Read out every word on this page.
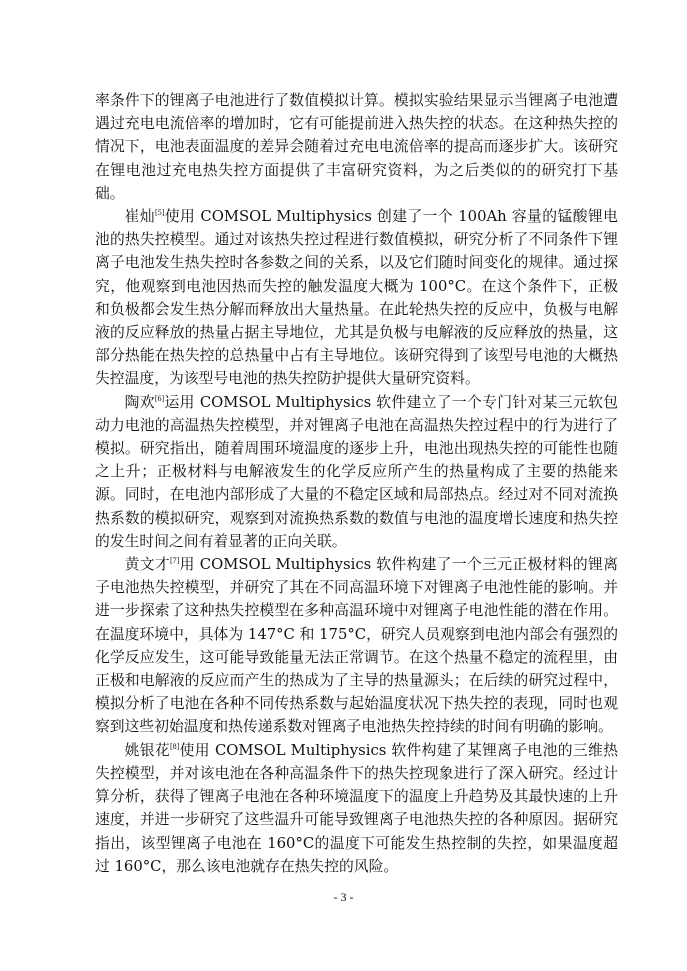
率条件下的锂离子电池进行了数值模拟计算。模拟实验结果显示当锂离子电池遭遇过充电电流倍率的增加时，它有可能提前进入热失控的状态。在这种热失控的情况下，电池表面温度的差异会随着过充电电流倍率的提高而逐步扩大。该研究在锂电池过充电热失控方面提供了丰富研究资料，为之后类似的的研究打下基础。

崔灿[5]使用 COMSOL Multiphysics 创建了一个 100Ah 容量的锰酸锂电池的热失控模型。通过对该热失控过程进行数值模拟，研究分析了不同条件下锂离子电池发生热失控时各参数之间的关系，以及它们随时间变化的规律。通过探究，他观察到电池因热而失控的触发温度大概为 100°C。在这个条件下，正极和负极都会发生热分解而释放出大量热量。在此轮热失控的反应中，负极与电解液的反应释放的热量占据主导地位，尤其是负极与电解液的反应释放的热量，这部分热能在热失控的总热量中占有主导地位。该研究得到了该型号电池的大概热失控温度，为该型号电池的热失控防护提供大量研究资料。

陶欢[6]运用 COMSOL Multiphysics 软件建立了一个专门针对某三元软包动力电池的高温热失控模型，并对锂离子电池在高温热失控过程中的行为进行了模拟。研究指出，随着周围环境温度的逐步上升，电池出现热失控的可能性也随之上升；正极材料与电解液发生的化学反应所产生的热量构成了主要的热能来源。同时，在电池内部形成了大量的不稳定区域和局部热点。经过对不同对流换热系数的模拟研究，观察到对流换热系数的数值与电池的温度增长速度和热失控的发生时间之间有着显著的正向关联。

黄文才[7]用 COMSOL Multiphysics 软件构建了一个三元正极材料的锂离子电池热失控模型，并研究了其在不同高温环境下对锂离子电池性能的影响。并进一步探索了这种热失控模型在多种高温环境中对锂离子电池性能的潜在作用。在温度环境中，具体为 147°C 和 175°C，研究人员观察到电池内部会有强烈的化学反应发生，这可能导致能量无法正常调节。在这个热量不稳定的流程里，由正极和电解液的反应而产生的热成为了主导的热量源头；在后续的研究过程中，模拟分析了电池在各种不同传热系数与起始温度状况下热失控的表现，同时也观察到这些初始温度和热传递系数对锂离子电池热失控持续的时间有明确的影响。

姚银花[8]使用 COMSOL Multiphysics 软件构建了某锂离子电池的三维热失控模型，并对该电池在各种高温条件下的热失控现象进行了深入研究。经过计算分析，获得了锂离子电池在各种环境温度下的温度上升趋势及其最快速的上升速度，并进一步研究了这些温升可能导致锂离子电池热失控的各种原因。据研究指出，该型锂离子电池在 160°C的温度下可能发生热控制的失控，如果温度超过 160°C，那么该电池就存在热失控的风险。

- 3 -
